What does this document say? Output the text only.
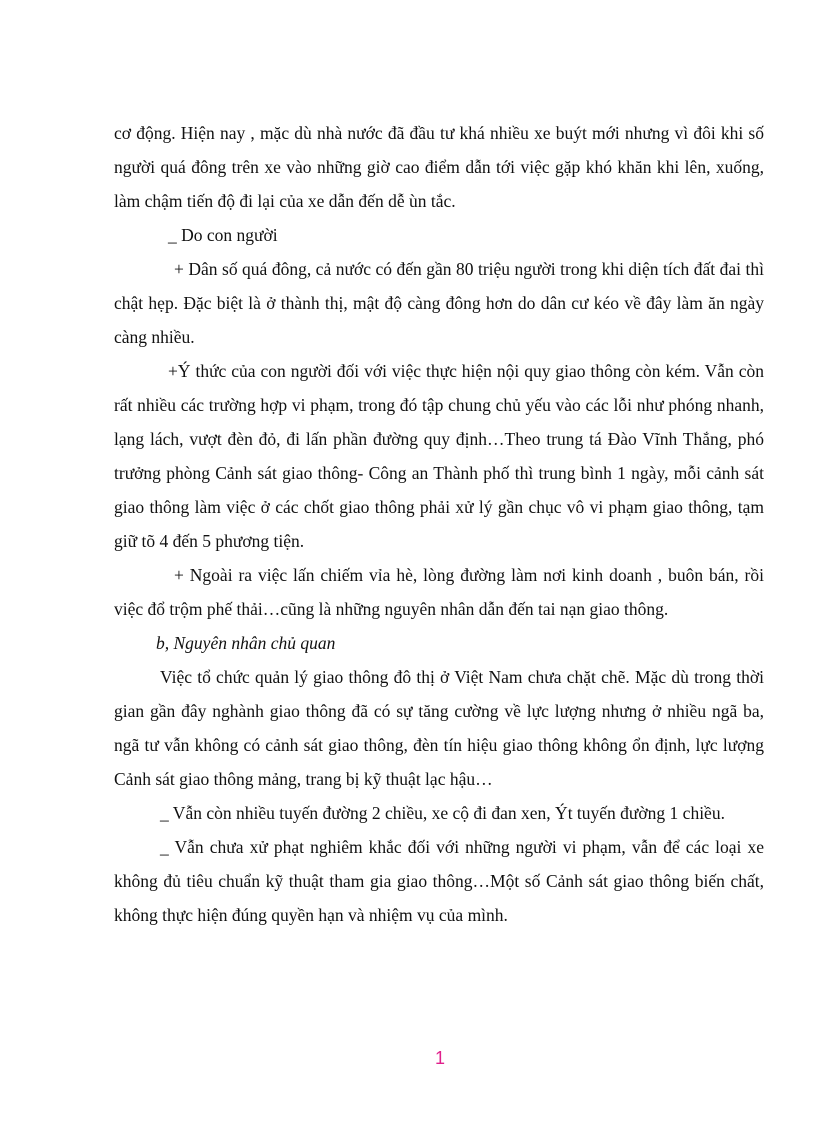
cơ động. Hiện nay , mặc dù nhà nước đã đầu tư khá nhiều xe buýt mới nhưng vì đôi khi số người quá đông trên xe vào những giờ cao điểm dẫn tới việc gặp khó khăn khi lên, xuống, làm chậm tiến độ đi lại của xe dẫn đến dễ ùn tắc.

_ Do con người

+ Dân số quá đông, cả nước có đến gần 80 triệu người trong khi diện tích đất đai thì chật hẹp. Đặc biệt là ở thành thị, mật độ càng đông hơn do dân cư kéo về đây làm ăn ngày càng nhiều.

+Ý thức của con người đối với việc thực hiện nội quy giao thông còn kém. Vẫn còn rất nhiều các trường hợp vi phạm, trong đó tập chung chủ yếu vào các lỗi như phóng nhanh, lạng lách, vượt đèn đỏ, đi lấn phần đường quy định…Theo trung tá Đào Vĩnh Thắng, phó trưởng phòng Cảnh sát giao thông- Công an Thành phố thì trung bình 1 ngày, mỗi cảnh sát giao thông làm việc ở các chốt giao thông phải xử lý gần chục vô vi phạm giao thông, tạm giữ tõ 4 đến 5 phương tiện.

+ Ngoài ra việc lấn chiếm vỉa hè, lòng đường làm nơi kinh doanh , buôn bán, rồi việc đổ trộm phế thải…cũng là những nguyên nhân dẫn đến tai nạn giao thông.

b, Nguyên nhân chủ quan

Việc tổ chức quản lý giao thông đô thị ở Việt Nam chưa chặt chẽ. Mặc dù trong thời gian gần đây nghành giao thông đã có sự tăng cường về lực lượng nhưng ở nhiều ngã ba, ngã tư vẫn không có cảnh sát giao thông, đèn tín hiệu giao thông không ổn định, lực lượng Cảnh sát giao thông mảng, trang bị kỹ thuật lạc hậu…

_ Vẫn còn nhiều tuyến đường 2 chiều, xe cộ đi đan xen, Ýt tuyến đường 1 chiều.

_ Vẫn chưa xử phạt nghiêm khắc đối với những người vi phạm, vẫn để các loại xe không đủ tiêu chuẩn kỹ thuật tham gia giao thông…Một số Cảnh sát giao thông biến chất, không thực hiện đúng quyền hạn và nhiệm vụ của mình.

1
